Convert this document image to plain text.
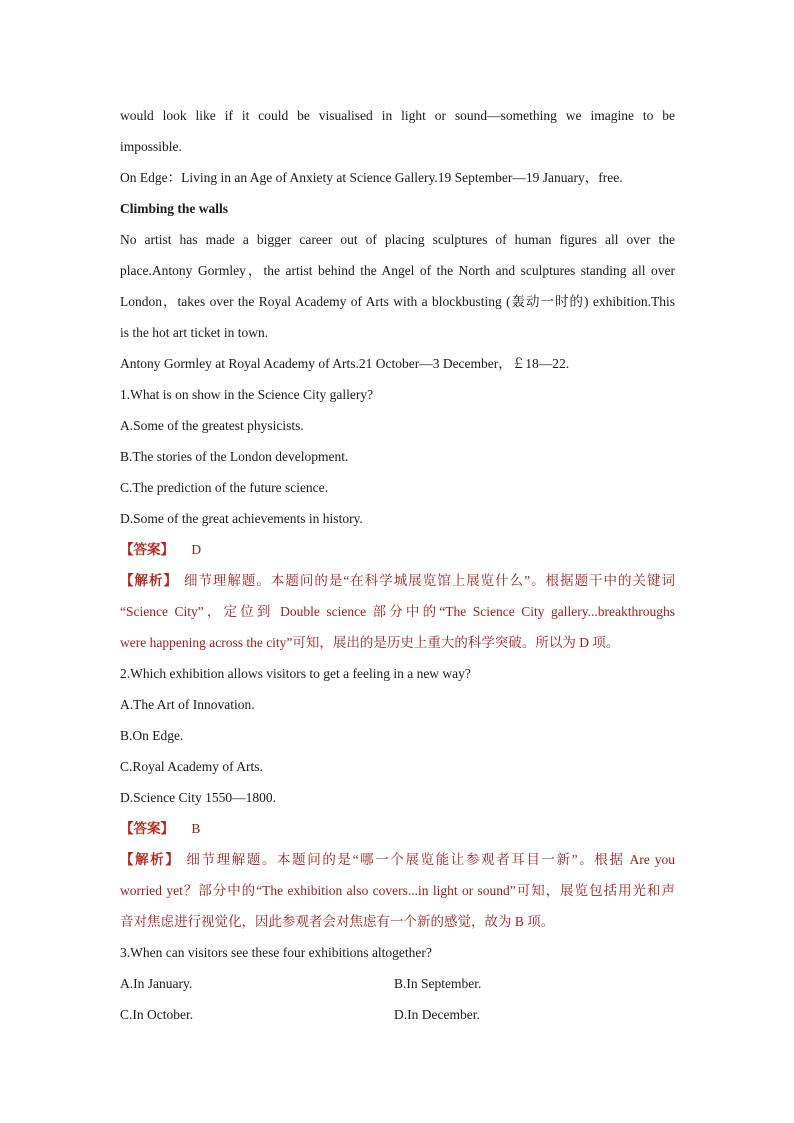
would look like if it could be visualised in light or sound—something we imagine to be

impossible.

On Edge：Living in an Age of Anxiety at Science Gallery.19 September—19 January，free.

Climbing the walls

No artist has made a bigger career out of placing sculptures of human figures all over the

place.Antony Gormley，the artist behind the Angel of the North and sculptures standing all over

London，takes over the Royal Academy of Arts with a blockbusting (轰动一时的) exhibition.This

is the hot art ticket in town.

Antony Gormley at Royal Academy of Arts.21 October—3 December，￡18—22.

1.What is on show in the Science City gallery?

A.Some of the greatest physicists.

B.The stories of the London development.

C.The prediction of the future science.

D.Some of the great achievements in history.

【答案】 D

【解析】 细节理解题。本题问的是“在科学城展览馆上展览什么”。根据题干中的关键词

“Science City”，定位到 Double science 部分中的“The Science City gallery...breakthroughs

were happening across the city”可知，展出的是历史上重大的科学突破。所以为 D 项。

2.Which exhibition allows visitors to get a feeling in a new way?

A.The Art of Innovation.

B.On Edge.

C.Royal Academy of Arts.

D.Science City 1550—1800.

【答案】 B

【解析】 细节理解题。本题问的是“哪一个展览能让参观者耳目一新”。根据 Are you

worried yet？部分中的“The exhibition also covers...in light or sound”可知，展览包括用光和声

音对焦虑进行视觉化，因此参观者会对焦虑有一个新的感觉，故为 B 项。

3.When can visitors see these four exhibitions altogether?

A.In January.	B.In September.
C.In October.	D.In December.
